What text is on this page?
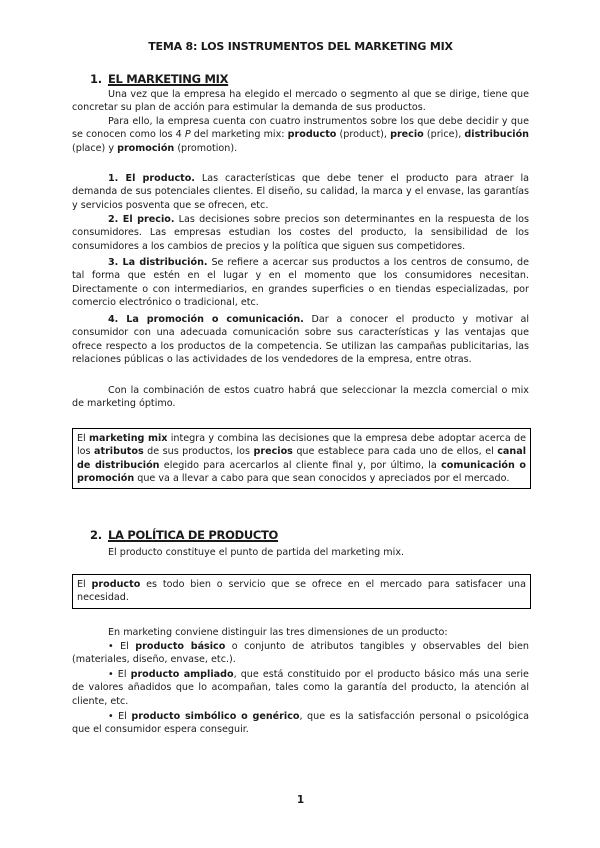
TEMA 8: LOS INSTRUMENTOS DEL MARKETING MIX
1. EL MARKETING MIX

Una vez que la empresa ha elegido el mercado o segmento al que se dirige, tiene que concretar su plan de acción para estimular la demanda de sus productos.

Para ello, la empresa cuenta con cuatro instrumentos sobre los que debe decidir y que se conocen como los 4 P del marketing mix: producto (product), precio (price), distribución (place) y promoción (promotion).

1. El producto. Las características que debe tener el producto para atraer la demanda de sus potenciales clientes. El diseño, su calidad, la marca y el envase, las garantías y servicios posventa que se ofrecen, etc.

2. El precio. Las decisiones sobre precios son determinantes en la respuesta de los consumidores. Las empresas estudian los costes del producto, la sensibilidad de los consumidores a los cambios de precios y la política que siguen sus competidores.

3. La distribución. Se refiere a acercar sus productos a los centros de consumo, de tal forma que estén en el lugar y en el momento que los consumidores necesitan. Directamente o con intermediarios, en grandes superficies o en tiendas especializadas, por comercio electrónico o tradicional, etc.

4. La promoción o comunicación. Dar a conocer el producto y motivar al consumidor con una adecuada comunicación sobre sus características y las ventajas que ofrece respecto a los productos de la competencia. Se utilizan las campañas publicitarias, las relaciones públicas o las actividades de los vendedores de la empresa, entre otras.

Con la combinación de estos cuatro habrá que seleccionar la mezcla comercial o mix de marketing óptimo.

El marketing mix integra y combina las decisiones que la empresa debe adoptar acerca de los atributos de sus productos, los precios que establece para cada uno de ellos, el canal de distribución elegido para acercarlos al cliente final y, por último, la comunicación o promoción que va a llevar a cabo para que sean conocidos y apreciados por el mercado.
2. LA POLÍTICA DE PRODUCTO

El producto constituye el punto de partida del marketing mix.

El producto es todo bien o servicio que se ofrece en el mercado para satisfacer una necesidad.

En marketing conviene distinguir las tres dimensiones de un producto:

• El producto básico o conjunto de atributos tangibles y observables del bien (materiales, diseño, envase, etc.).

• El producto ampliado, que está constituido por el producto básico más una serie de valores añadidos que lo acompañan, tales como la garantía del producto, la atención al cliente, etc.

• El producto simbólico o genérico, que es la satisfacción personal o psicológica que el consumidor espera conseguir.

1
